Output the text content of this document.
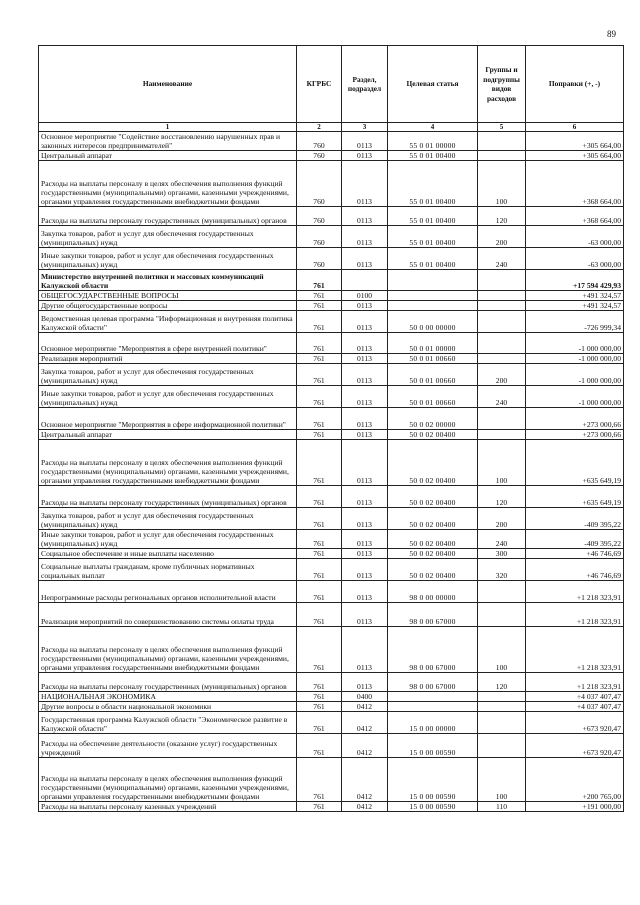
89
Наименование	КГРБС	Раздел, подраздел	Целевая статья	Группы и подгруппы видов расходов	Поправки (+, -)
1	2	3	4	5	6
Основное мероприятие "Содействие восстановлению нарушенных прав и законных интересов предпринимателей"	760	0113	55 0 01 00000		+305 664,00
Центральный аппарат	760	0113	55 0 01 00400		+305 664,00
Расходы на выплаты персоналу в целях обеспечения выполнения функций государственными (муниципальными) органами, казенными учреждениями, органами управления государственными внебюджетными фондами	760	0113	55 0 01 00400	100	+368 664,00
Расходы на выплаты персоналу государственных (муниципальных) органов	760	0113	55 0 01 00400	120	+368 664,00
Закупка товаров, работ и услуг для обеспечения государственных (муниципальных) нужд	760	0113	55 0 01 00400	200	-63 000,00
Иные закупки товаров, работ и услуг для обеспечения государственных (муниципальных) нужд	760	0113	55 0 01 00400	240	-63 000,00
Министерство внутренней политики и массовых коммуникаций Калужской области	761				+17 594 429,93
ОБЩЕГОСУДАРСТВЕННЫЕ ВОПРОСЫ	761	0100			+491 324,57
Другие общегосударственные вопросы	761	0113			+491 324,57
Ведомственная целевая программа "Информационная и внутренняя политика Калужской области"	761	0113	50 0 00 00000		-726 999,34
Основное мероприятие "Мероприятия в сфере внутренней политики"	761	0113	50 0 01 00000		-1 000 000,00
Реализация мероприятий	761	0113	50 0 01 00660		-1 000 000,00
Закупка товаров, работ и услуг для обеспечения государственных (муниципальных) нужд	761	0113	50 0 01 00660	200	-1 000 000,00
Иные закупки товаров, работ и услуг для обеспечения государственных (муниципальных) нужд	761	0113	50 0 01 00660	240	-1 000 000,00
Основное мероприятие "Мероприятия в сфере информационной политики"	761	0113	50 0 02 00000		+273 000,66
Центральный аппарат	761	0113	50 0 02 00400		+273 000,66
Расходы на выплаты персоналу в целях обеспечения выполнения функций государственными (муниципальными) органами, казенными учреждениями, органами управления государственными внебюджетными фондами	761	0113	50 0 02 00400	100	+635 649,19
Расходы на выплаты персоналу государственных (муниципальных) органов	761	0113	50 0 02 00400	120	+635 649,19
Закупка товаров, работ и услуг для обеспечения государственных (муниципальных) нужд	761	0113	50 0 02 00400	200	-409 395,22
Иные закупки товаров, работ и услуг для обеспечения государственных (муниципальных) нужд	761	0113	50 0 02 00400	240	-409 395,22
Социальное обеспечение и иные выплаты населению	761	0113	50 0 02 00400	300	+46 746,69
Социальные выплаты гражданам, кроме публичных нормативных социальных выплат	761	0113	50 0 02 00400	320	+46 746,69
Непрограммные расходы региональных органов исполнительной власти	761	0113	98 0 00 00000		+1 218 323,91
Реализация мероприятий по совершенствованию системы оплаты труда	761	0113	98 0 00 67000		+1 218 323,91
Расходы на выплаты персоналу в целях обеспечения выполнения функций государственными (муниципальными) органами, казенными учреждениями, органами управления государственными внебюджетными фондами	761	0113	98 0 00 67000	100	+1 218 323,91
Расходы на выплаты персоналу государственных (муниципальных) органов	761	0113	98 0 00 67000	120	+1 218 323,91
НАЦИОНАЛЬНАЯ ЭКОНОМИКА	761	0400			+4 037 407,47
Другие вопросы в области национальной экономики	761	0412			+4 037 407,47
Государственная программа Калужской области "Экономическое развитие в Калужской области"	761	0412	15 0 00 00000		+673 920,47
Расходы на обеспечение деятельности (оказание услуг) государственных учреждений	761	0412	15 0 00 00590		+673 920,47
Расходы на выплаты персоналу в целях обеспечения выполнения функций государственными (муниципальными) органами, казенными учреждениями, органами управления государственными внебюджетными фондами	761	0412	15 0 00 00590	100	+200 765,00
Расходы на выплаты персоналу казенных учреждений	761	0412	15 0 00 00590	110	+191 000,00
